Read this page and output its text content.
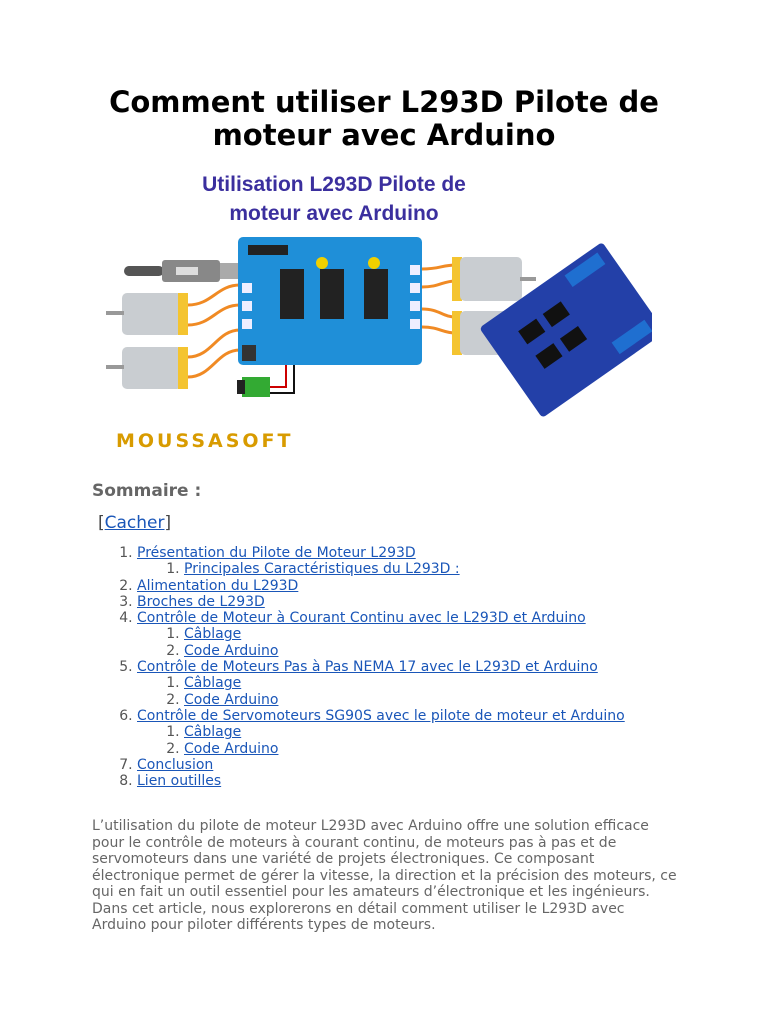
Comment utiliser L293D Pilote de moteur avec Arduino
Utilisation L293D Pilote de
moteur avec Arduino
MOUSSASOFT
Sommaire :
[Cacher]
1. Présentation du Pilote de Moteur L293D
1. Principales Caractéristiques du L293D :
2. Alimentation du L293D
3. Broches de L293D
4. Contrôle de Moteur à Courant Continu avec le L293D et Arduino
1. Câblage
2. Code Arduino
5. Contrôle de Moteurs Pas à Pas NEMA 17 avec le L293D et Arduino
1. Câblage
2. Code Arduino
6. Contrôle de Servomoteurs SG90S avec le pilote de moteur et Arduino
1. Câblage
2. Code Arduino
7. Conclusion
8. Lien outilles

L’utilisation du pilote de moteur L293D avec Arduino offre une solution efficace pour le contrôle de moteurs à courant continu, de moteurs pas à pas et de servomoteurs dans une variété de projets électroniques. Ce composant électronique permet de gérer la vitesse, la direction et la précision des moteurs, ce qui en fait un outil essentiel pour les amateurs d’électronique et les ingénieurs. Dans cet article, nous explorerons en détail comment utiliser le L293D avec Arduino pour piloter différents types de moteurs.
